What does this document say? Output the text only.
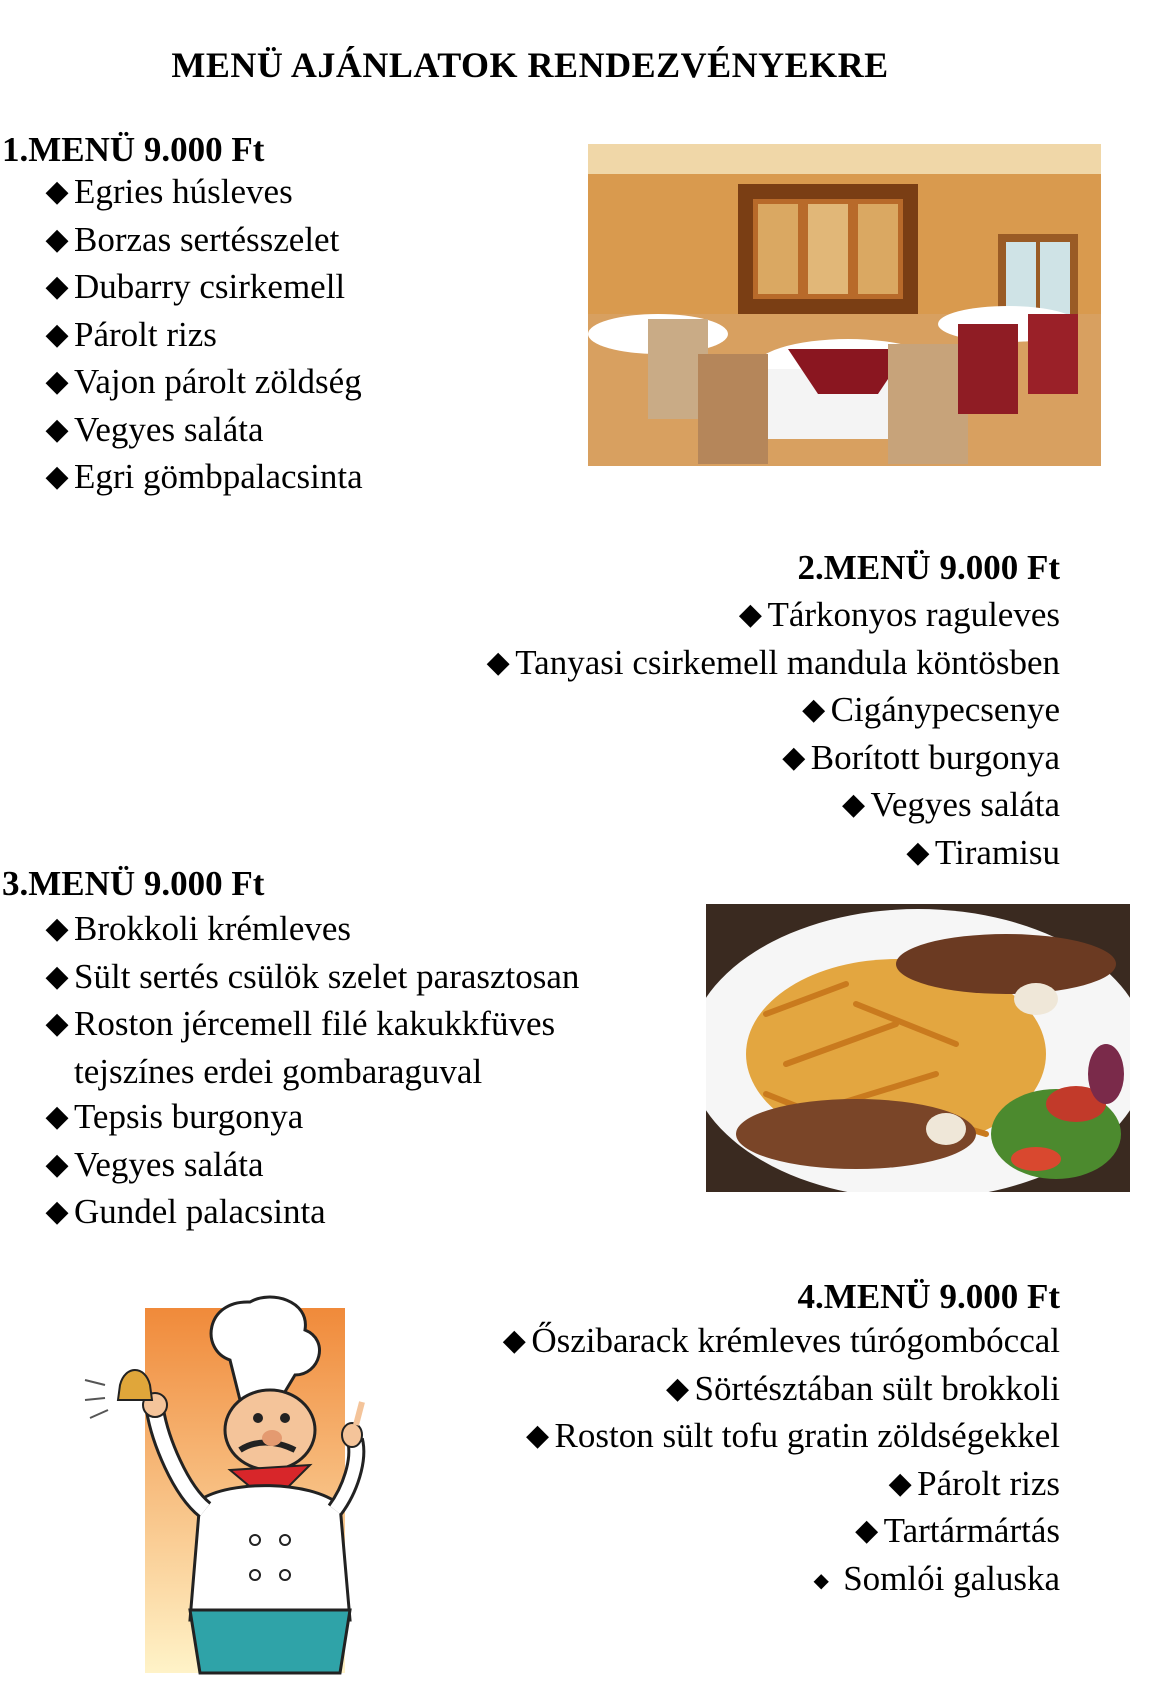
MENÜ AJÁNLATOK RENDEZVÉNYEKRE
1.MENÜ 9.000 Ft
◆ Egries húsleves
◆ Borzas sertésszelet
◆ Dubarry csirkemell
◆ Párolt rizs
◆ Vajon párolt zöldség
◆ Vegyes saláta
◆ Egri gömbpalacsinta
2.MENÜ 9.000 Ft
◆ Tárkonyos raguleves
◆ Tanyasi csirkemell mandula köntösben
◆ Cigánypecsenye
◆ Borított burgonya
◆ Vegyes saláta
◆ Tiramisu
3.MENÜ 9.000 Ft
◆ Brokkoli krémleves
◆ Sült sertés csülök szelet parasztosan
◆ Roston jércemell filé kakukkfüves
tejszínes erdei gombaraguval
◆ Tepsis burgonya
◆ Vegyes saláta
◆ Gundel palacsinta
4.MENÜ 9.000 Ft
◆ Őszibarack krémleves túrógombóccal
◆ Sörtésztában sült brokkoli
◆ Roston sült tofu gratin zöldségekkel
◆ Párolt rizs
◆ Tartármártás
◆ Somlói galuska
